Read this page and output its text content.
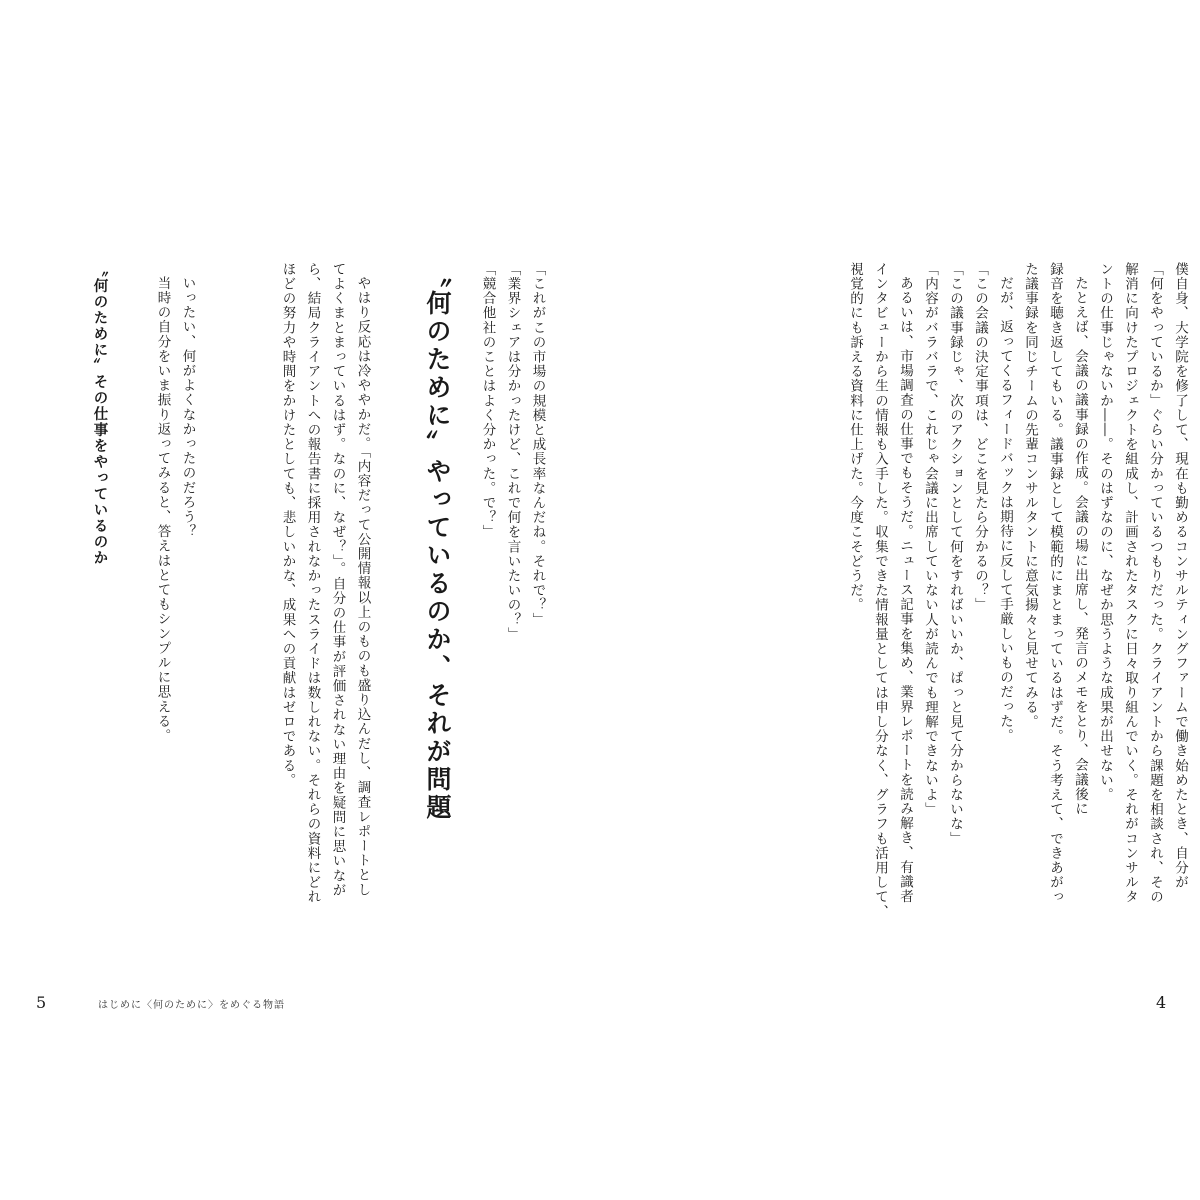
僕自身、大学院を修了して、現在も勤めるコンサルティングファームで働き始めたとき、自分が
「何をやっているか」ぐらい分かっているつもりだった。クライアントから課題を相談され、その
解消に向けたプロジェクトを組成し、計画されたタスクに日々取り組んでいく。それがコンサルタ
ントの仕事じゃないか――。そのはずなのに、なぜか思うような成果が出せない。
たとえば、会議の議事録の作成。会議の場に出席し、発言のメモをとり、会議後に
録音を聴き返してもいる。議事録として模範的にまとまっているはずだ。そう考えて、できあがっ
た議事録を同じチームの先輩コンサルタントに意気揚々と見せてみる。
だが、返ってくるフィードバックは期待に反して手厳しいものだった。
「この会議の決定事項は、どこを見たら分かるの？」
「この議事録じゃ、次のアクションとして何をすればいいか、ぱっと見て分からないな」
「内容がバラバラで、これじゃ会議に出席していない人が読んでも理解できないよ」
あるいは、市場調査の仕事でもそうだ。ニュース記事を集め、業界レポートを読み解き、有識者
インタビューから生の情報も入手した。収集できた情報量としては申し分なく、グラフも活用して、
視覚的にも訴える資料に仕上げた。今度こそどうだ。
4
「これがこの市場の規模と成長率なんだね。それで？」
「業界シェアは分かったけど、これで何を言いたいの？」
「競合他社のことはよく分かった。で？」
〝何のために〟やっているのか、それが問題
やはり反応は冷ややかだ。「内容だって公開情報以上のものも盛り込んだし、調査レポートとし
てよくまとまっているはず。なのに、なぜ？」。自分の仕事が評価されない理由を疑問に思いなが
ら、結局クライアントへの報告書に採用されなかったスライドは数しれない。それらの資料にどれ
ほどの努力や時間をかけたとしても、悲しいかな、成果への貢献はゼロである。
いったい、何がよくなかったのだろう？
当時の自分をいま振り返ってみると、答えはとてもシンプルに思える。
〝何のために〟その仕事をやっているのか
5	はじめに〈何のために〉をめぐる物語
